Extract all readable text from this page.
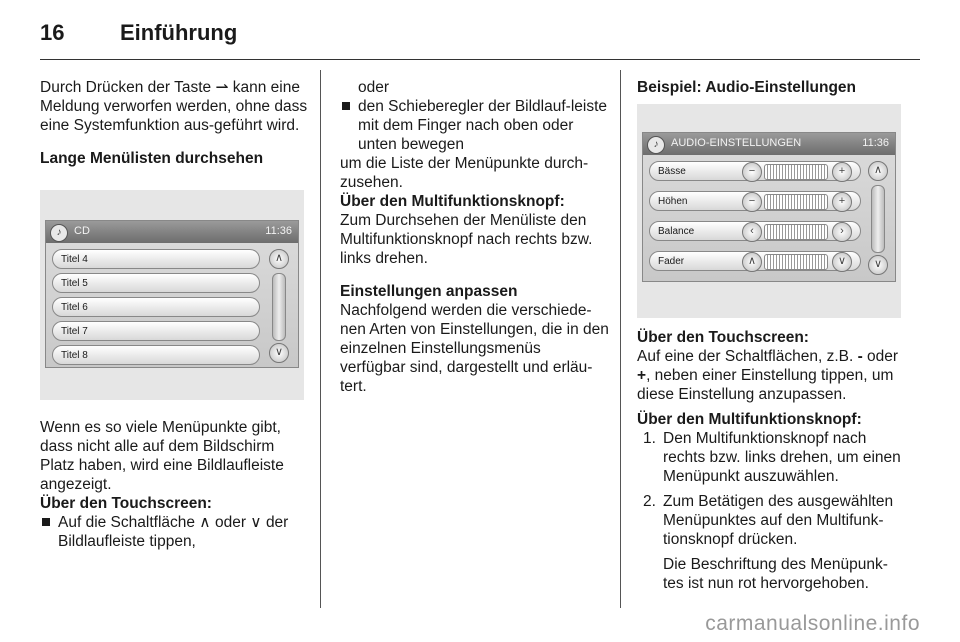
16	Einführung

Durch Drücken der Taste ⇀ kann eine Meldung verworfen werden, ohne dass eine Systemfunktion aus-geführt wird.

Lange Menülisten durchsehen

♪	CD	11:36
Titel 4
Titel 5
Titel 6
Titel 7
Titel 8
∧
∨

Wenn es so viele Menüpunkte gibt, dass nicht alle auf dem Bildschirm Platz haben, wird eine Bildlaufleiste angezeigt.

Über den Touchscreen:

Auf die Schaltfläche ∧ oder ∨ der Bildlaufleiste tippen,

oder

den Schieberegler der Bildlauf-leiste mit dem Finger nach oben oder unten bewegen

um die Liste der Menüpunkte durch-zusehen.

Über den Multifunktionsknopf:

Zum Durchsehen der Menüliste den Multifunktionsknopf nach rechts bzw. links drehen.

Einstellungen anpassen

Nachfolgend werden die verschiede-nen Arten von Einstellungen, die in den einzelnen Einstellungsmenüs verfügbar sind, dargestellt und erläu-tert.

Beispiel: Audio-Einstellungen

♪	AUDIO-EINSTELLUNGEN	11:36
Bässe	−	+
Höhen	−	+
Balance	‹	›
Fader	∧	∨
∧
∨

Über den Touchscreen:

Auf eine der Schaltflächen, z.B. - oder +, neben einer Einstellung tippen, um diese Einstellung anzupassen.

Über den Multifunktionsknopf:

1. Den Multifunktionsknopf nach rechts bzw. links drehen, um einen Menüpunkt auszuwählen.

2. Zum Betätigen des ausgewählten Menüpunktes auf den Multifunk-tionsknopf drücken.

Die Beschriftung des Menüpunk-tes ist nun rot hervorgehoben.

carmanualsonline.info
